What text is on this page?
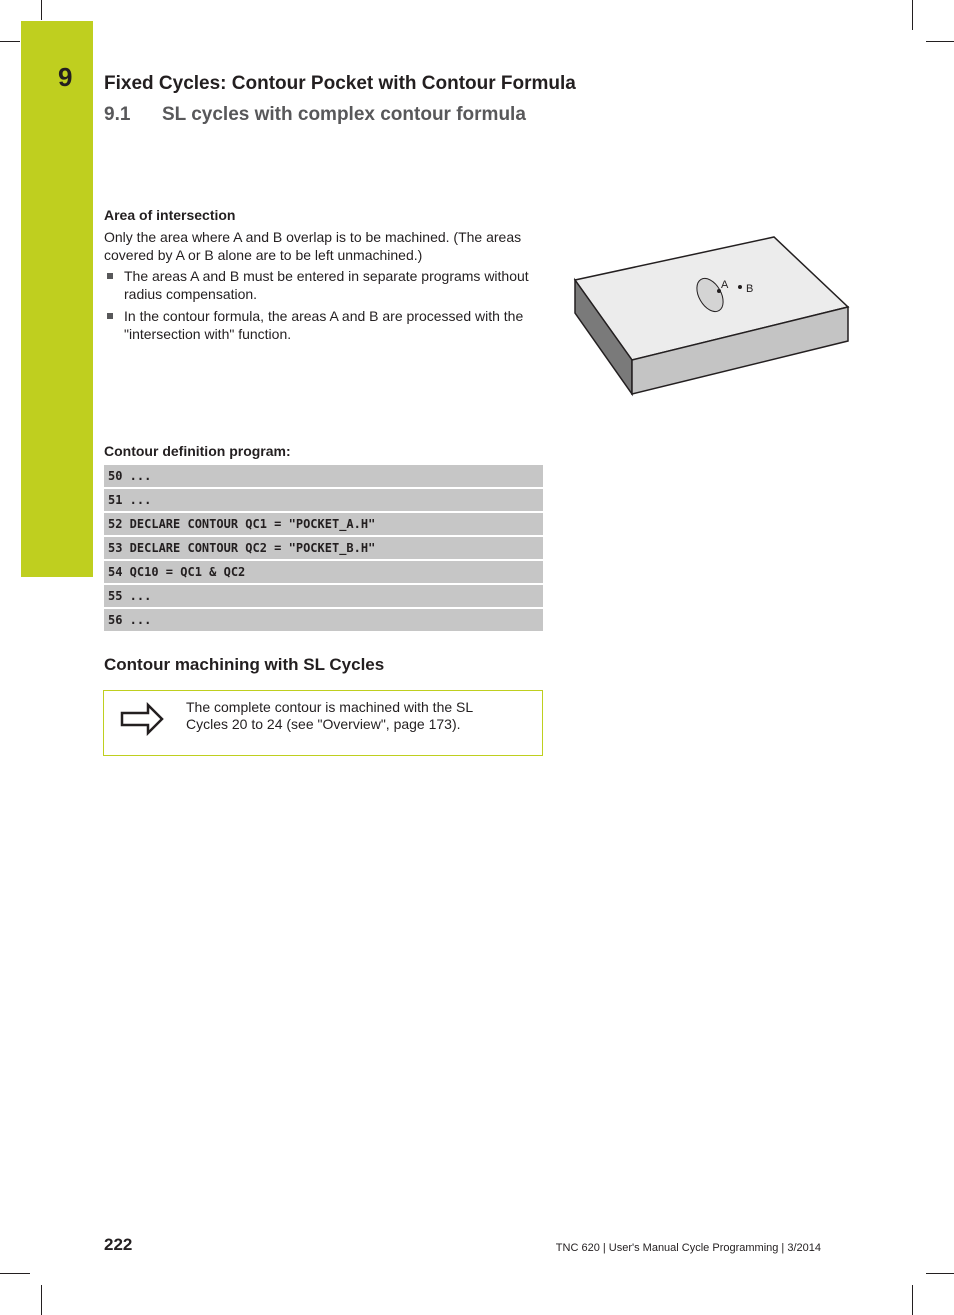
9 Fixed Cycles: Contour Pocket with Contour Formula
9.1 SL cycles with complex contour formula
Area of intersection
Only the area where A and B overlap is to be machined. (The areas covered by A or B alone are to be left unmachined.)
The areas A and B must be entered in separate programs without radius compensation.
In the contour formula, the areas A and B are processed with the "intersection with" function.
A B
Contour definition program:
50 ...
51 ...
52 DECLARE CONTOUR QC1 = "POCKET_A.H"
53 DECLARE CONTOUR QC2 = "POCKET_B.H"
54 QC10 = QC1 & QC2
55 ...
56 ...
Contour machining with SL Cycles
The complete contour is machined with the SL Cycles 20 to 24 (see "Overview", page 173).
222	TNC 620 | User's Manual Cycle Programming | 3/2014
